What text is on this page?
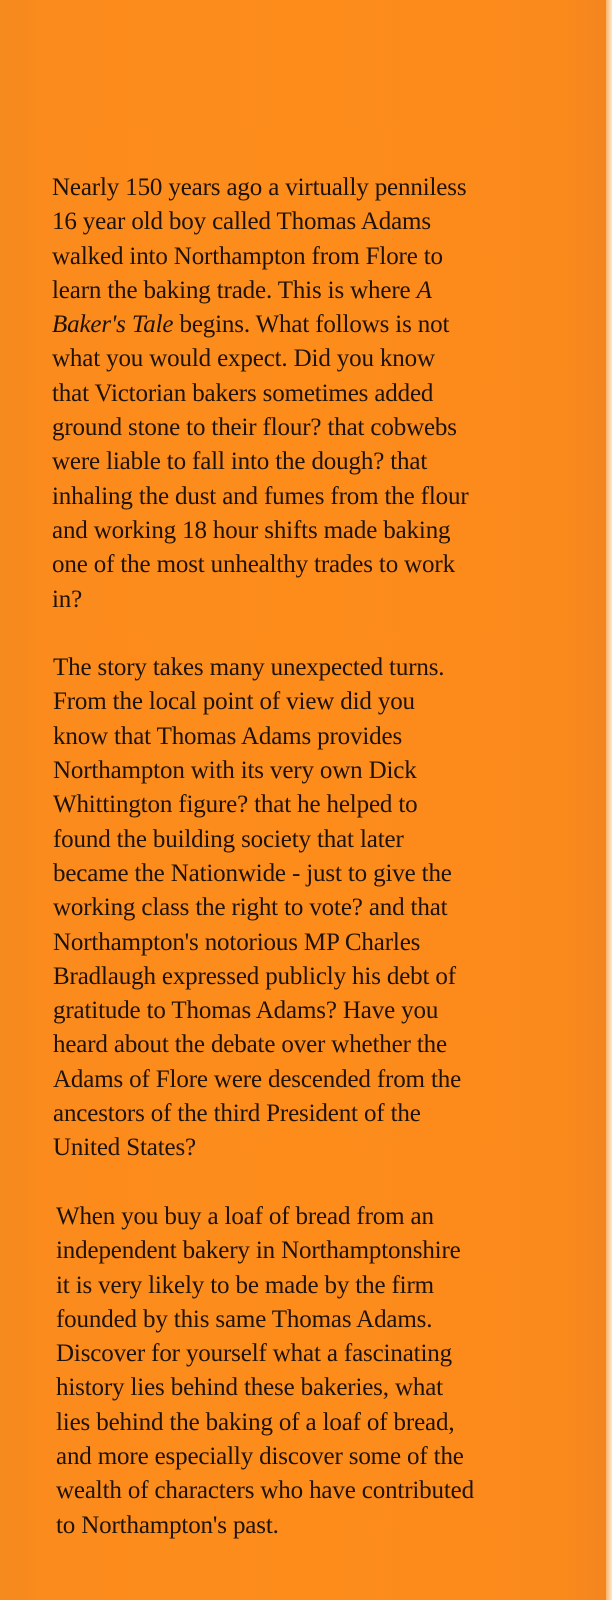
Nearly 150 years ago a virtually penniless
16 year old boy called Thomas Adams
walked into Northampton from Flore to
learn the baking trade. This is where A
Baker's Tale begins. What follows is not
what you would expect. Did you know
that Victorian bakers sometimes added
ground stone to their flour? that cobwebs
were liable to fall into the dough? that
inhaling the dust and fumes from the flour
and working 18 hour shifts made baking
one of the most unhealthy trades to work
in?

The story takes many unexpected turns.
From the local point of view did you
know that Thomas Adams provides
Northampton with its very own Dick
Whittington figure? that he helped to
found the building society that later
became the Nationwide - just to give the
working class the right to vote? and that
Northampton's notorious MP Charles
Bradlaugh expressed publicly his debt of
gratitude to Thomas Adams? Have you
heard about the debate over whether the
Adams of Flore were descended from the
ancestors of the third President of the
United States?

When you buy a loaf of bread from an
independent bakery in Northamptonshire
it is very likely to be made by the firm
founded by this same Thomas Adams.
Discover for yourself what a fascinating
history lies behind these bakeries, what
lies behind the baking of a loaf of bread,
and more especially discover some of the
wealth of characters who have contributed
to Northampton's past.
